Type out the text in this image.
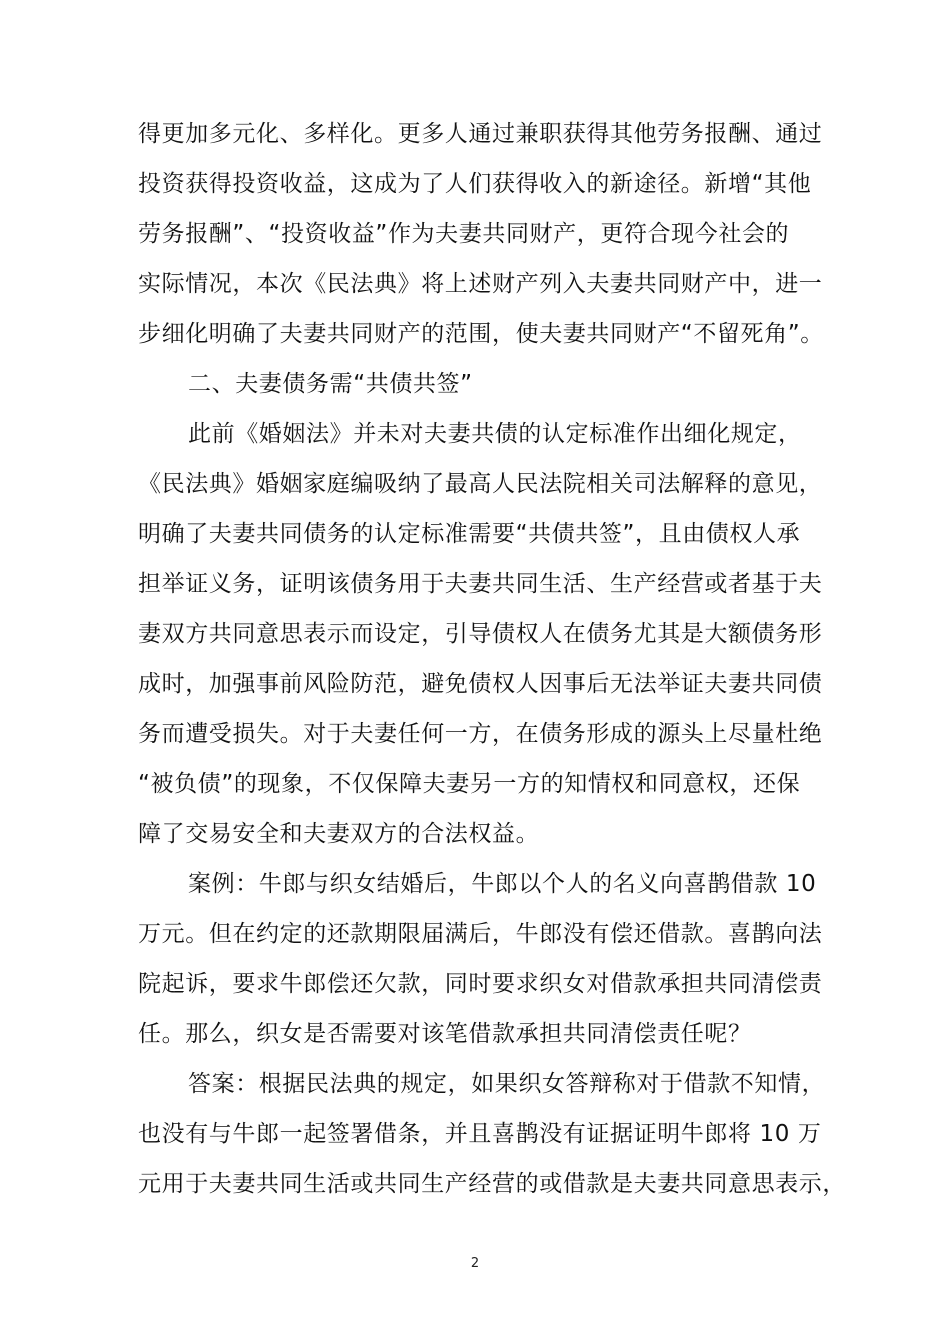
得更加多元化、多样化。更多人通过兼职获得其他劳务报酬、通过
投资获得投资收益，这成为了人们获得收入的新途径。新增“其他
劳务报酬”、“投资收益”作为夫妻共同财产，更符合现今社会的
实际情况，本次《民法典》将上述财产列入夫妻共同财产中，进一
步细化明确了夫妻共同财产的范围，使夫妻共同财产“不留死角”。
二、夫妻债务需“共债共签”
此前《婚姻法》并未对夫妻共债的认定标准作出细化规定，
《民法典》婚姻家庭编吸纳了最高人民法院相关司法解释的意见，
明确了夫妻共同债务的认定标准需要“共债共签”，且由债权人承
担举证义务，证明该债务用于夫妻共同生活、生产经营或者基于夫
妻双方共同意思表示而设定，引导债权人在债务尤其是大额债务形
成时，加强事前风险防范，避免债权人因事后无法举证夫妻共同债
务而遭受损失。对于夫妻任何一方，在债务形成的源头上尽量杜绝
“被负债”的现象，不仅保障夫妻另一方的知情权和同意权，还保
障了交易安全和夫妻双方的合法权益。
案例：牛郎与织女结婚后，牛郎以个人的名义向喜鹊借款 10
万元。但在约定的还款期限届满后，牛郎没有偿还借款。喜鹊向法
院起诉，要求牛郎偿还欠款，同时要求织女对借款承担共同清偿责
任。那么，织女是否需要对该笔借款承担共同清偿责任呢？
答案：根据民法典的规定，如果织女答辩称对于借款不知情，
也没有与牛郎一起签署借条，并且喜鹊没有证据证明牛郎将 10 万
元用于夫妻共同生活或共同生产经营的或借款是夫妻共同意思表示，
2
